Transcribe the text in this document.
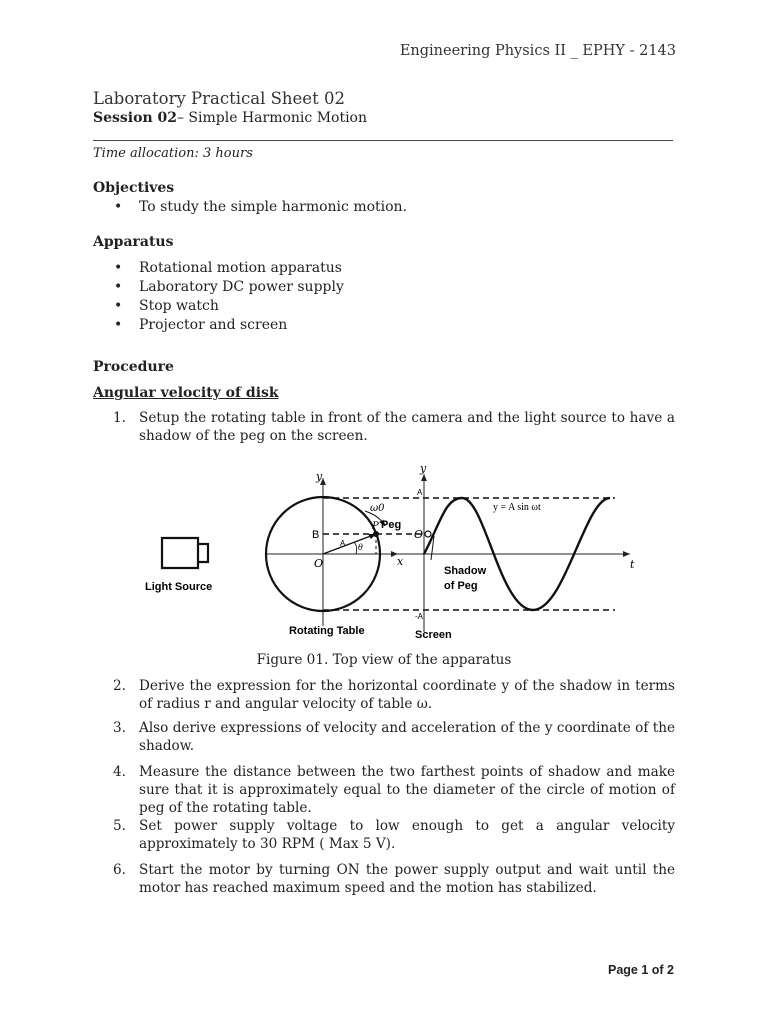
Engineering Physics II _ EPHY - 2143
Laboratory Practical Sheet 02
Session 02– Simple Harmonic Motion
Time allocation: 3 hours
Objectives
• To study the simple harmonic motion.
Apparatus
• Rotational motion apparatus
• Laboratory DC power supply
• Stop watch
• Projector and screen
Procedure
Angular velocity of disk
1. Setup the rotating table in front of the camera and the light source to have a
shadow of the peg on the screen.
Light Source
ω0
P Peg
B
A θ
O	x
y
Rotating Table
y
A
-A
O
t
y = A sin ωt
Shadow
of Peg
Screen
Figure 01. Top view of the apparatus
2. Derive the expression for the horizontal coordinate y of the shadow in terms
of radius r and angular velocity of table ω.
3. Also derive expressions of velocity and acceleration of the y coordinate of the
shadow.
4. Measure the distance between the two farthest points of shadow and make
sure that it is approximately equal to the diameter of the circle of motion of
peg of the rotating table.
5. Set power supply voltage to low enough to get a angular velocity
approximately to 30 RPM ( Max 5 V).
6. Start the motor by turning ON the power supply output and wait until the
motor has reached maximum speed and the motion has stabilized.
Page 1 of 2
